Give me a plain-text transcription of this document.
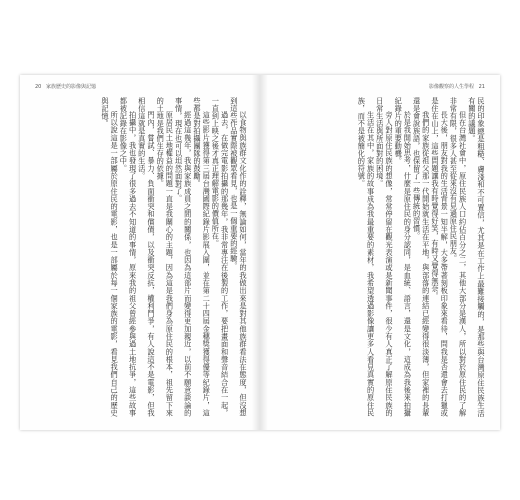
20 家族歷史的影像與記憶

以食物與族群文化作的詮釋，無論如何，當年的我做出來是對其他族群看法在態度，但沒想到這些作品實際被觀眾看見，也是一個重要的經驗。

過去，在做完電影拍攝的那幾年，我非常專注在後製的工作，要把畫面和聲音結合在一起，一直到上映之後才真正理解電影的價值所在。

這些影片獲得第三屆台灣國際紀錄片影展入圍，並在第二十四屆金穗獎獲得優等紀錄片，這些都是對拍攝團隊的鼓勵。

經過這幾年，我與家族成員之間的關係，也因為這部片而變得更加親近，以前不願意談論的事情，現在也可以坦然面對了。

原居民土地權益的問題一直是我關心的主題，因為這是我們身為原住民的根本，祖先留下來的土地是我們生存的依據。

門內，嘗試、暴力、負面衝突和償債，以及衝突反抗，權利鬥爭，有人說這不是電影，但我相信這就是真實的生活。

拍攝中，我也發現了很多過去不知道的事情，原來我的祖父曾經參與過土地抗爭，這些故事都被記錄在影像之中。

所以說這是一部屬於原住民的電影，也是一部屬於每一個家族的電影，看見我們自己的歷史與記憶。

影像觀察的人生學程 21

民的印象總是粗糙、膚淺和不可置信，尤其是在工作上最難接觸的，是那些與台灣原住民族生活有關的議題。

但在台灣社會中，原住民族人口約佔百分之二，其他大部分是漢人，所以對於原住民的了解非常有限，很多人甚至從來沒有見過原住民朋友。

長大後，朋友對我的生活背景一知半解，大多帶著刻板印象來看待，問我是否還會去打獵或是住在山上，這些問題讓我有時覺得好笑，有時又覺得無奈。

我們的家族從祖父那一代開始就生活在平地，與部落的連結已經變得很淡薄，但家裡的長輩還是會說族語，也保留了一些傳統的習慣。

於是我開始思考，什麼是原住民的身分認同，是血統、語言，還是文化，這成為我後來拍攝紀錄片的重要動機。

旁人對原住民族的想像，常常停留在觀光表演或是新聞事件，很少有人真正了解原住民族的日常生活與所面對的困境。

生活在其中，家族的故事成為我最重要的素材，我希望透過影像讓更多人看見真實的原住民族，而不是被簡化的符號。
